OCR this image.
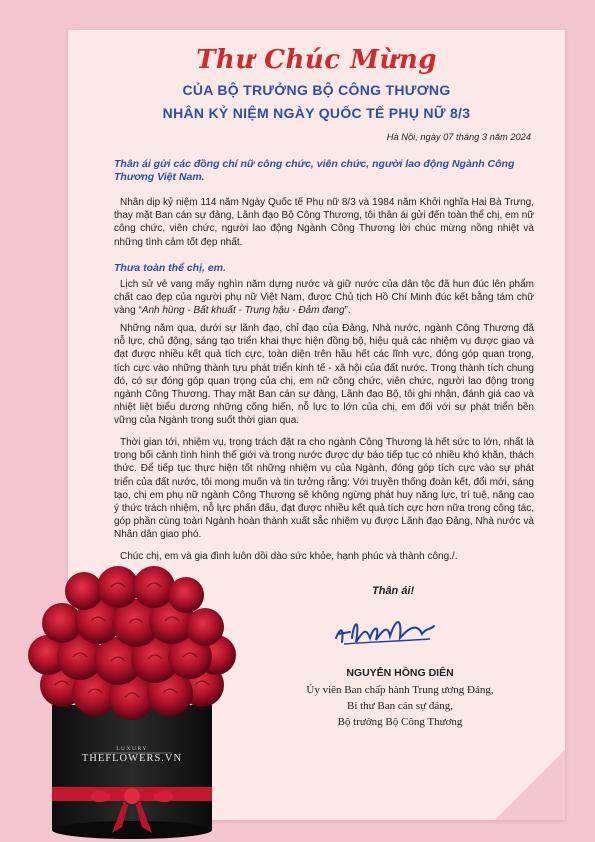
Thư Chúc Mừng
CỦA BỘ TRƯỞNG BỘ CÔNG THƯƠNG
NHÂN KỶ NIỆM NGÀY QUỐC TẾ PHỤ NỮ 8/3
Hà Nội, ngày 07 tháng 3 năm 2024
Thân ái gửi các đồng chí nữ công chức, viên chức, người lao động Ngành Công Thương Việt Nam.
Nhân dịp kỷ niệm 114 năm Ngày Quốc tế Phụ nữ 8/3 và 1984 năm Khởi nghĩa Hai Bà Trưng, thay mặt Ban cán sự đảng, Lãnh đạo Bộ Công Thương, tôi thân ái gửi đến toàn thể chị, em nữ công chức, viên chức, người lao động Ngành Công Thương lời chúc mừng nồng nhiệt và những tình cảm tốt đẹp nhất.
Thưa toàn thể chị, em.
Lịch sử vẻ vang mấy nghìn năm dựng nước và giữ nước của dân tộc đã hun đúc lên phẩm chất cao đẹp của người phụ nữ Việt Nam, được Chủ tịch Hồ Chí Minh đúc kết bằng tám chữ vàng “Anh hùng - Bất khuất - Trung hậu - Đảm đang”.
Những năm qua, dưới sự lãnh đạo, chỉ đạo của Đảng, Nhà nước, ngành Công Thương đã nỗ lực, chủ động, sáng tạo triển khai thực hiện đồng bộ, hiệu quả các nhiệm vụ được giao và đạt được nhiều kết quả tích cực, toàn diện trên hầu hết các lĩnh vực, đóng góp quan trọng, tích cực vào những thành tựu phát triển kinh tế - xã hội của đất nước. Trong thành tích chung đó, có sự đóng góp quan trọng của chị, em nữ công chức, viên chức, người lao động trong ngành Công Thương. Thay mặt Ban cán sự đảng, Lãnh đạo Bộ, tôi ghi nhận, đánh giá cao và nhiệt liệt biểu dương những cống hiến, nỗ lực to lớn của chị, em đối với sự phát triển bền vững của Ngành trong suốt thời gian qua.
Thời gian tới, nhiệm vụ, trọng trách đặt ra cho ngành Công Thương là hết sức to lớn, nhất là trong bối cảnh tình hình thế giới và trong nước được dự báo tiếp tục có nhiều khó khăn, thách thức. Để tiếp tục thực hiện tốt những nhiệm vụ của Ngành, đóng góp tích cực vào sự phát triển của đất nước, tôi mong muốn và tin tưởng rằng: Với truyền thống đoàn kết, đổi mới, sáng tạo, chị em phụ nữ ngành Công Thương sẽ không ngừng phát huy năng lực, trí tuệ, nâng cao ý thức trách nhiệm, nỗ lực phấn đấu, đạt được nhiều kết quả tích cực hơn nữa trong công tác, góp phần cùng toàn Ngành hoàn thành xuất sắc nhiệm vụ được Lãnh đạo Đảng, Nhà nước và Nhân dân giao phó.
Chúc chị, em và gia đình luôn dồi dào sức khỏe, hạnh phúc và thành công./.
Thân ái!
NGUYỄN HỒNG DIÊN
Ủy viên Ban chấp hành Trung ương Đảng,
Bí thư Ban cán sự đảng,
Bộ trưởng Bộ Công Thương
LUXURY
THEFLOWERS.VN
